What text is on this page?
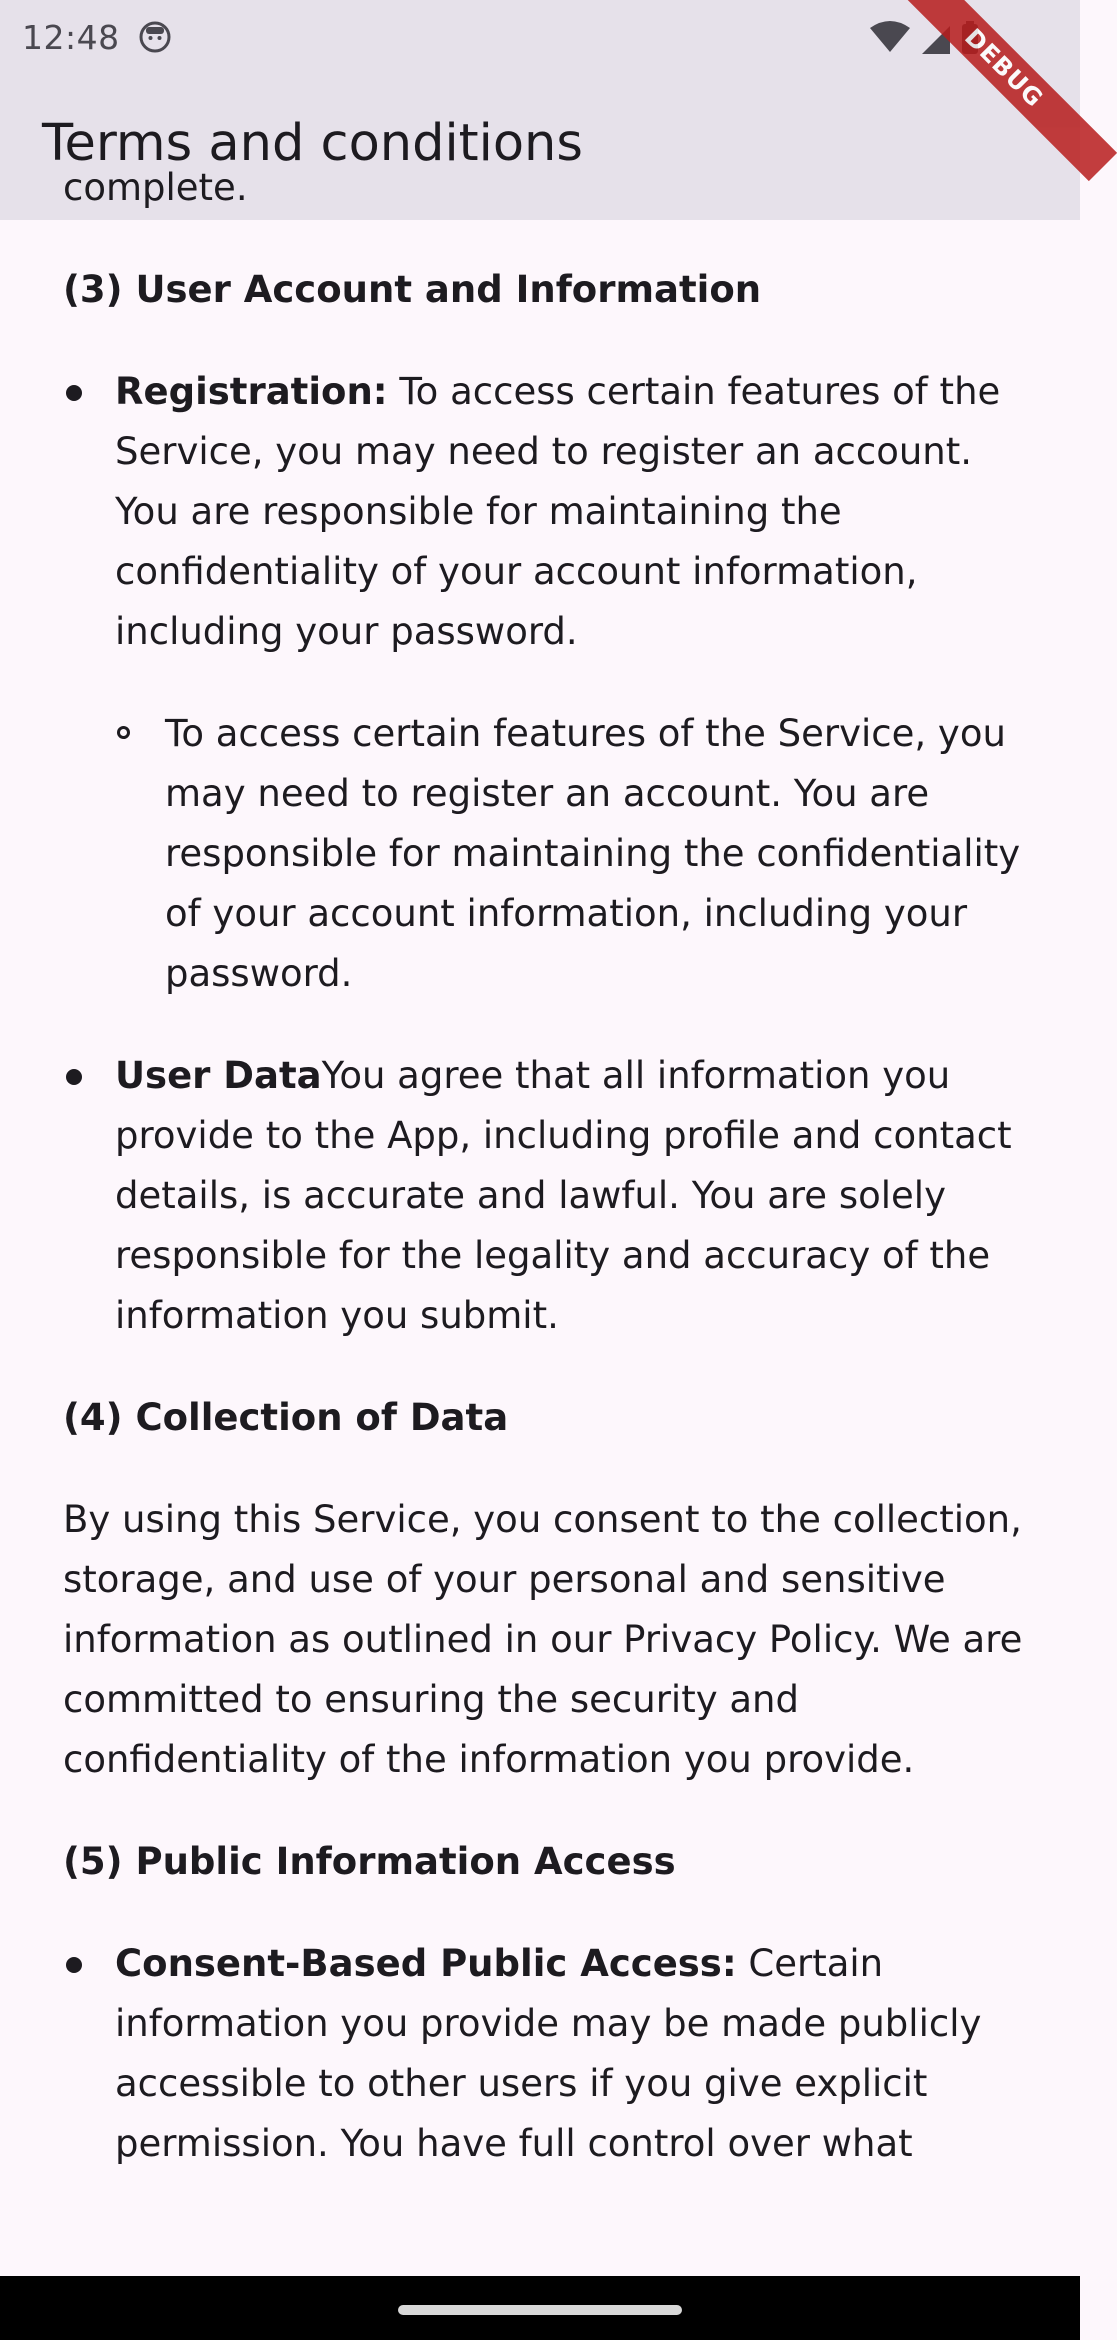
12:48
Terms and conditions
DEBUG

complete.

(3) User Account and Information
Registration: To access certain features of the Service, you may need to register an account. You are responsible for maintaining the confidentiality of your account information, including your password.
To access certain features of the Service, you may need to register an account. You are responsible for maintaining the confidentiality of your account information, including your password.
User DataYou agree that all information you provide to the App, including profile and contact details, is accurate and lawful. You are solely responsible for the legality and accuracy of the information you submit.
(4) Collection of Data

By using this Service, you consent to the collection, storage, and use of your personal and sensitive information as outlined in our Privacy Policy. We are committed to ensuring the security and confidentiality of the information you provide.

(5) Public Information Access
Consent-Based Public Access: Certain information you provide may be made publicly accessible to other users if you give explicit permission. You have full control over what
